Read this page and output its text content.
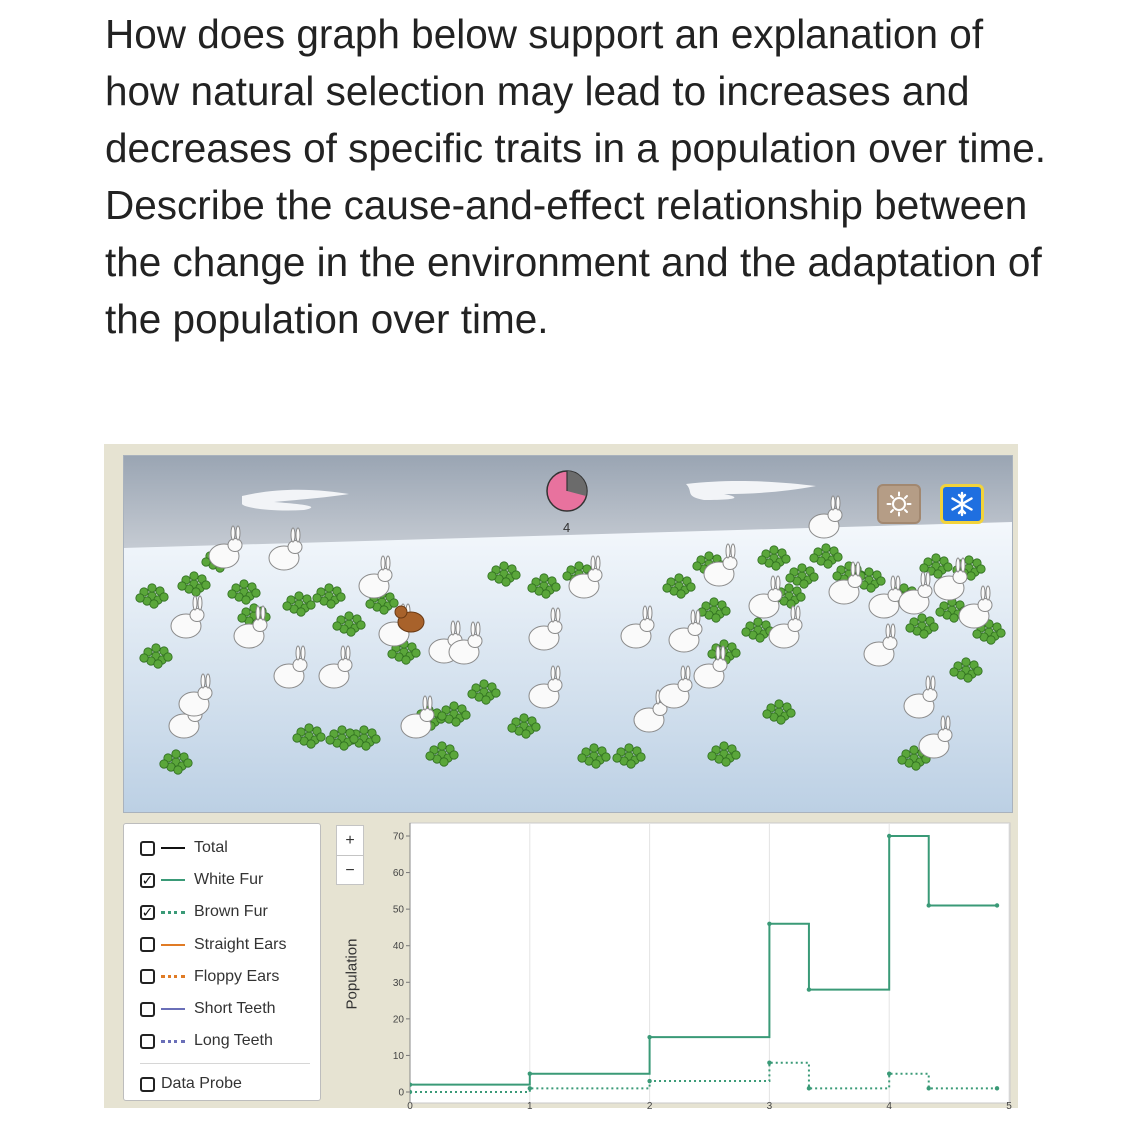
How does graph below support an explanation of how natural selection may lead to increases and decreases of specific traits in a population over time. Describe the cause-and-effect relationship between the change in the environment and the adaptation of the population over time.
4
Total
✓	White Fur
✓	Brown Fur
Straight Ears
Floppy Ears
Short Teeth
Long Teeth
Data Probe
+
−
Population
0	1	2	3	4	5
0
10
20
30
40
50
60
70
